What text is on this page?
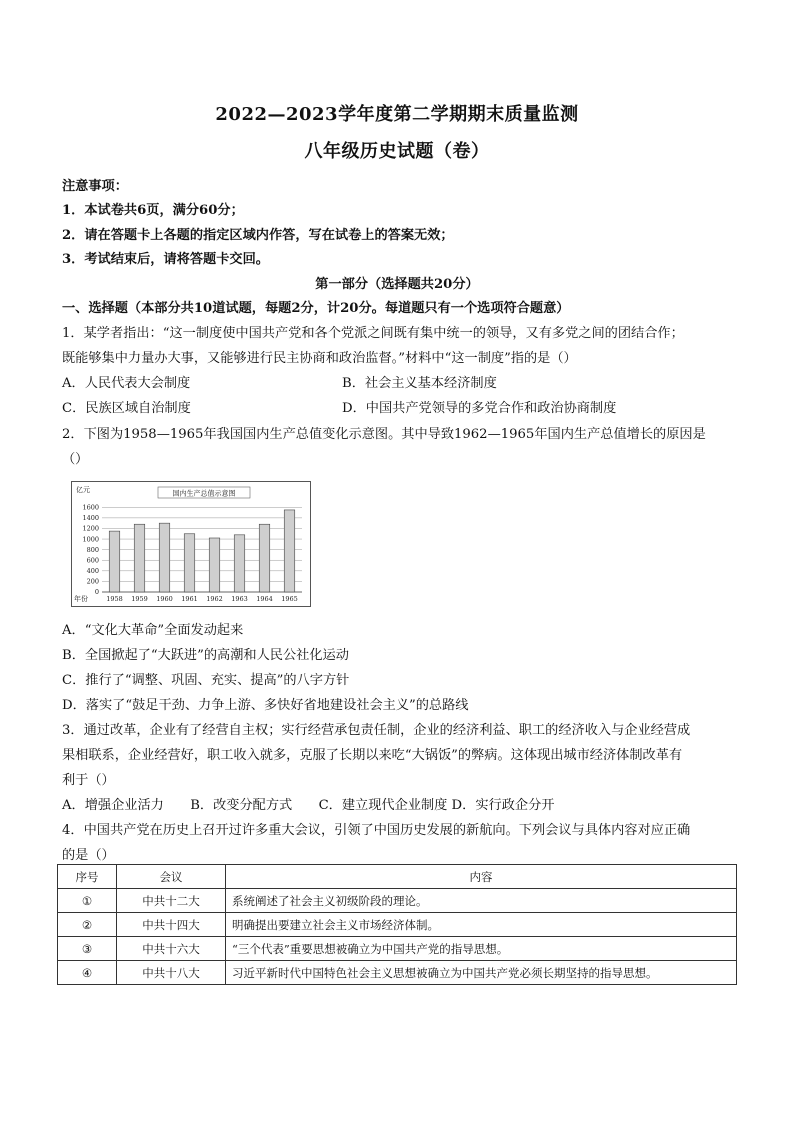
2022—2023学年度第二学期期末质量监测
八年级历史试题（卷）
注意事项：
1．本试卷共6页，满分60分；
2．请在答题卡上各题的指定区域内作答，写在试卷上的答案无效；
3．考试结束后，请将答题卡交回。
第一部分（选择题共20分）
一、选择题（本部分共10道试题，每题2分，计20分。每道题只有一个选项符合题意）
1．某学者指出：“这一制度使中国共产党和各个党派之间既有集中统一的领导，又有多党之间的团结合作；
既能够集中力量办大事，又能够进行民主协商和政治监督。”材料中“这一制度”指的是（）
A．人民代表大会制度	B．社会主义基本经济制度
C．民族区域自治制度	D．中国共产党领导的多党合作和政治协商制度
2．下图为1958—1965年我国国内生产总值变化示意图。其中导致1962—1965年国内生产总值增长的原因是
（）
0
200
400
600
800
1000
1200
1400
1600
1958 1959 1960 1961 1962 1963 1964 1965
国内生产总值示意图
亿元
年份
A．“文化大革命”全面发动起来
B．全国掀起了“大跃进”的高潮和人民公社化运动
C．推行了“调整、巩固、充实、提高”的八字方针
D．落实了“鼓足干劲、力争上游、多快好省地建设社会主义”的总路线
3．通过改革，企业有了经营自主权；实行经营承包责任制，企业的经济利益、职工的经济收入与企业经营成
果相联系，企业经营好，职工收入就多，克服了长期以来吃“大锅饭”的弊病。这体现出城市经济体制改革有
利于（）
A．增强企业活力　　B．改变分配方式　　C．建立现代企业制度 D．实行政企分开
4．中国共产党在历史上召开过许多重大会议，引领了中国历史发展的新航向。下列会议与具体内容对应正确
的是（）
序号	会议	内容
①	中共十二大	系统阐述了社会主义初级阶段的理论。
②	中共十四大	明确提出要建立社会主义市场经济体制。
③	中共十六大	“三个代表”重要思想被确立为中国共产党的指导思想。
④	中共十八大	习近平新时代中国特色社会主义思想被确立为中国共产党必须长期坚持的指导思想。
